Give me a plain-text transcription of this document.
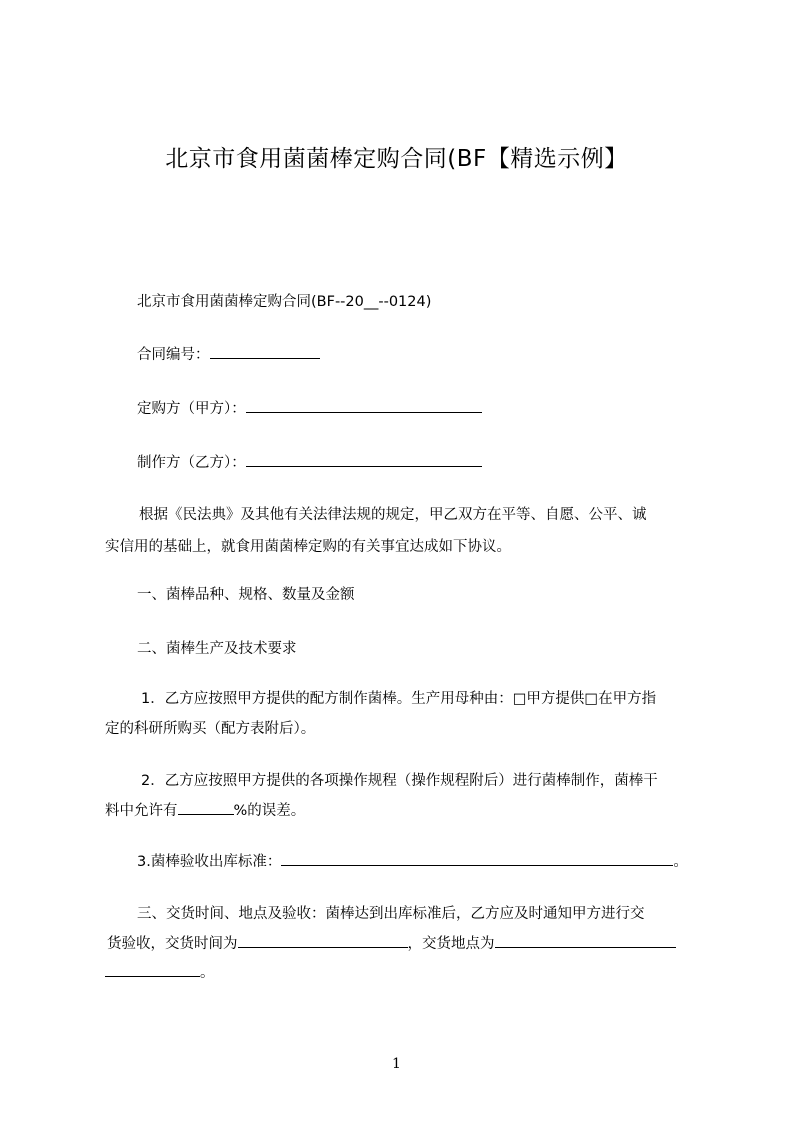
北京市食用菌菌棒定购合同(BF【精选示例】
北京市食用菌菌棒定购合同(BF--20__--0124)
合同编号：
定购方（甲方）：
制作方（乙方）：
根据《民法典》及其他有关法律法规的规定，甲乙双方在平等、自愿、公平、诚
实信用的基础上，就食用菌菌棒定购的有关事宜达成如下协议。
一、菌棒品种、规格、数量及金额
二、菌棒生产及技术要求
1．乙方应按照甲方提供的配方制作菌棒。生产用母种由：□甲方提供□在甲方指
定的科研所购买（配方表附后）。
2．乙方应按照甲方提供的各项操作规程（操作规程附后）进行菌棒制作，菌棒干
料中允许有	%的误差。
3.菌棒验收出库标准：	。
三、交货时间、地点及验收：菌棒达到出库标准后，乙方应及时通知甲方进行交
货验收，交货时间为	，交货地点为
。
1
